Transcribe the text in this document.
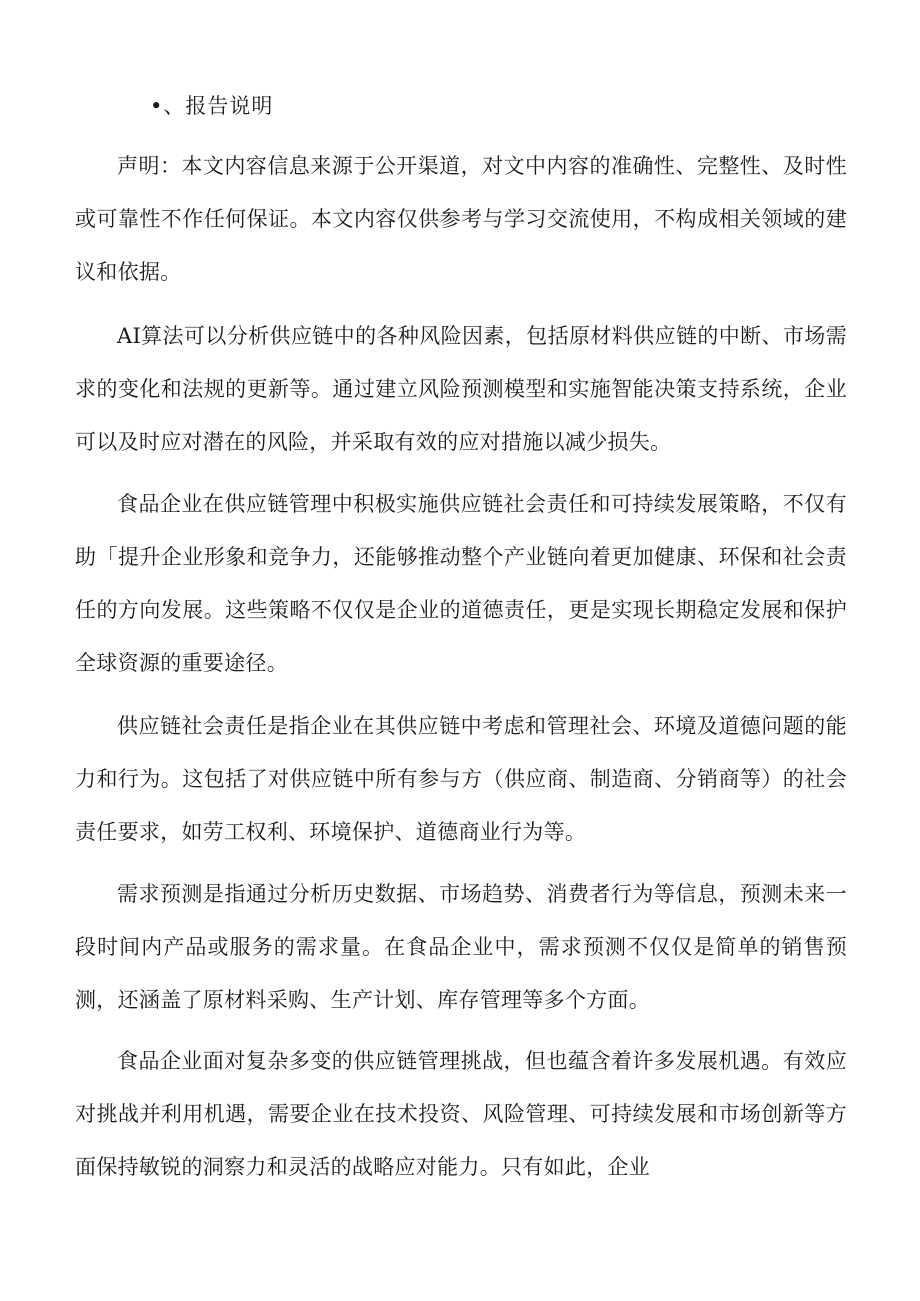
•、报告说明

声明：本文内容信息来源于公开渠道，对文中内容的准确性、完整性、及时性或可靠性不作任何保证。本文内容仅供参考与学习交流使用，不构成相关领域的建议和依据。

AI算法可以分析供应链中的各种风险因素，包括原材料供应链的中断、市场需求的变化和法规的更新等。通过建立风险预测模型和实施智能决策支持系统，企业可以及时应对潜在的风险，并采取有效的应对措施以减少损失。

食品企业在供应链管理中积极实施供应链社会责任和可持续发展策略，不仅有助「提升企业形象和竞争力，还能够推动整个产业链向着更加健康、环保和社会责任的方向发展。这些策略不仅仅是企业的道德责任，更是实现长期稳定发展和保护全球资源的重要途径。

供应链社会责任是指企业在其供应链中考虑和管理社会、环境及道德问题的能力和行为。这包括了对供应链中所有参与方（供应商、制造商、分销商等）的社会责任要求，如劳工权利、环境保护、道德商业行为等。

需求预测是指通过分析历史数据、市场趋势、消费者行为等信息，预测未来一段时间内产品或服务的需求量。在食品企业中，需求预测不仅仅是简单的销售预测，还涵盖了原材料采购、生产计划、库存管理等多个方面。

食品企业面对复杂多变的供应链管理挑战，但也蕴含着许多发展机遇。有效应对挑战并利用机遇，需要企业在技术投资、风险管理、可持续发展和市场创新等方面保持敏锐的洞察力和灵活的战略应对能力。只有如此，企业
